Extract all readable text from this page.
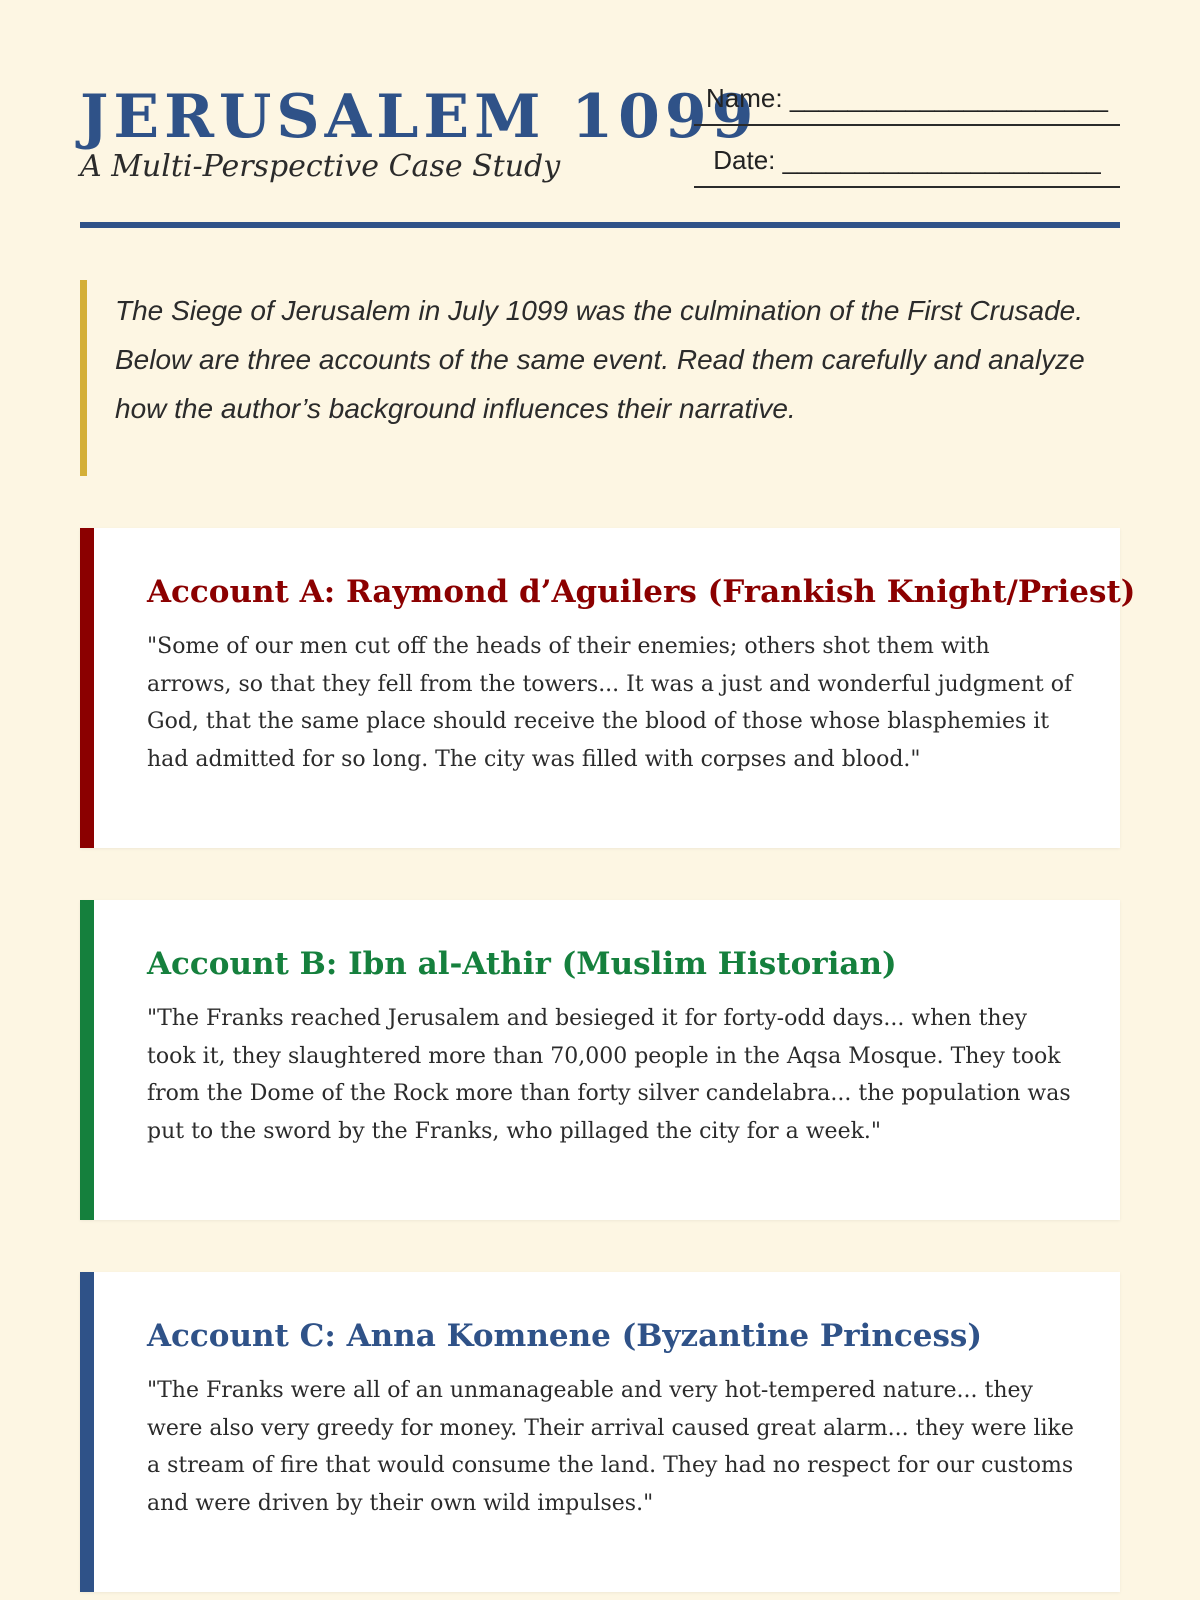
JERUSALEM 1099

A Multi-Perspective Case Study

Name: ______________________
Date: ______________________
The Siege of Jerusalem in July 1099 was the culmination of the First Crusade. Below are three accounts of the same event. Read them carefully and analyze how the author’s background influences their narrative.
Account A: Raymond d’Aguilers (Frankish Knight/Priest)

"Some of our men cut off the heads of their enemies; others shot them with arrows, so that they fell from the towers... It was a just and wonderful judgment of God, that the same place should receive the blood of those whose blasphemies it had admitted for so long. The city was filled with corpses and blood."

Account B: Ibn al-Athir (Muslim Historian)

"The Franks reached Jerusalem and besieged it for forty-odd days... when they took it, they slaughtered more than 70,000 people in the Aqsa Mosque. They took from the Dome of the Rock more than forty silver candelabra... the population was put to the sword by the Franks, who pillaged the city for a week."

Account C: Anna Komnene (Byzantine Princess)

"The Franks were all of an unmanageable and very hot-tempered nature... they were also very greedy for money. Their arrival caused great alarm... they were like a stream of fire that would consume the land. They had no respect for our customs and were driven by their own wild impulses."
